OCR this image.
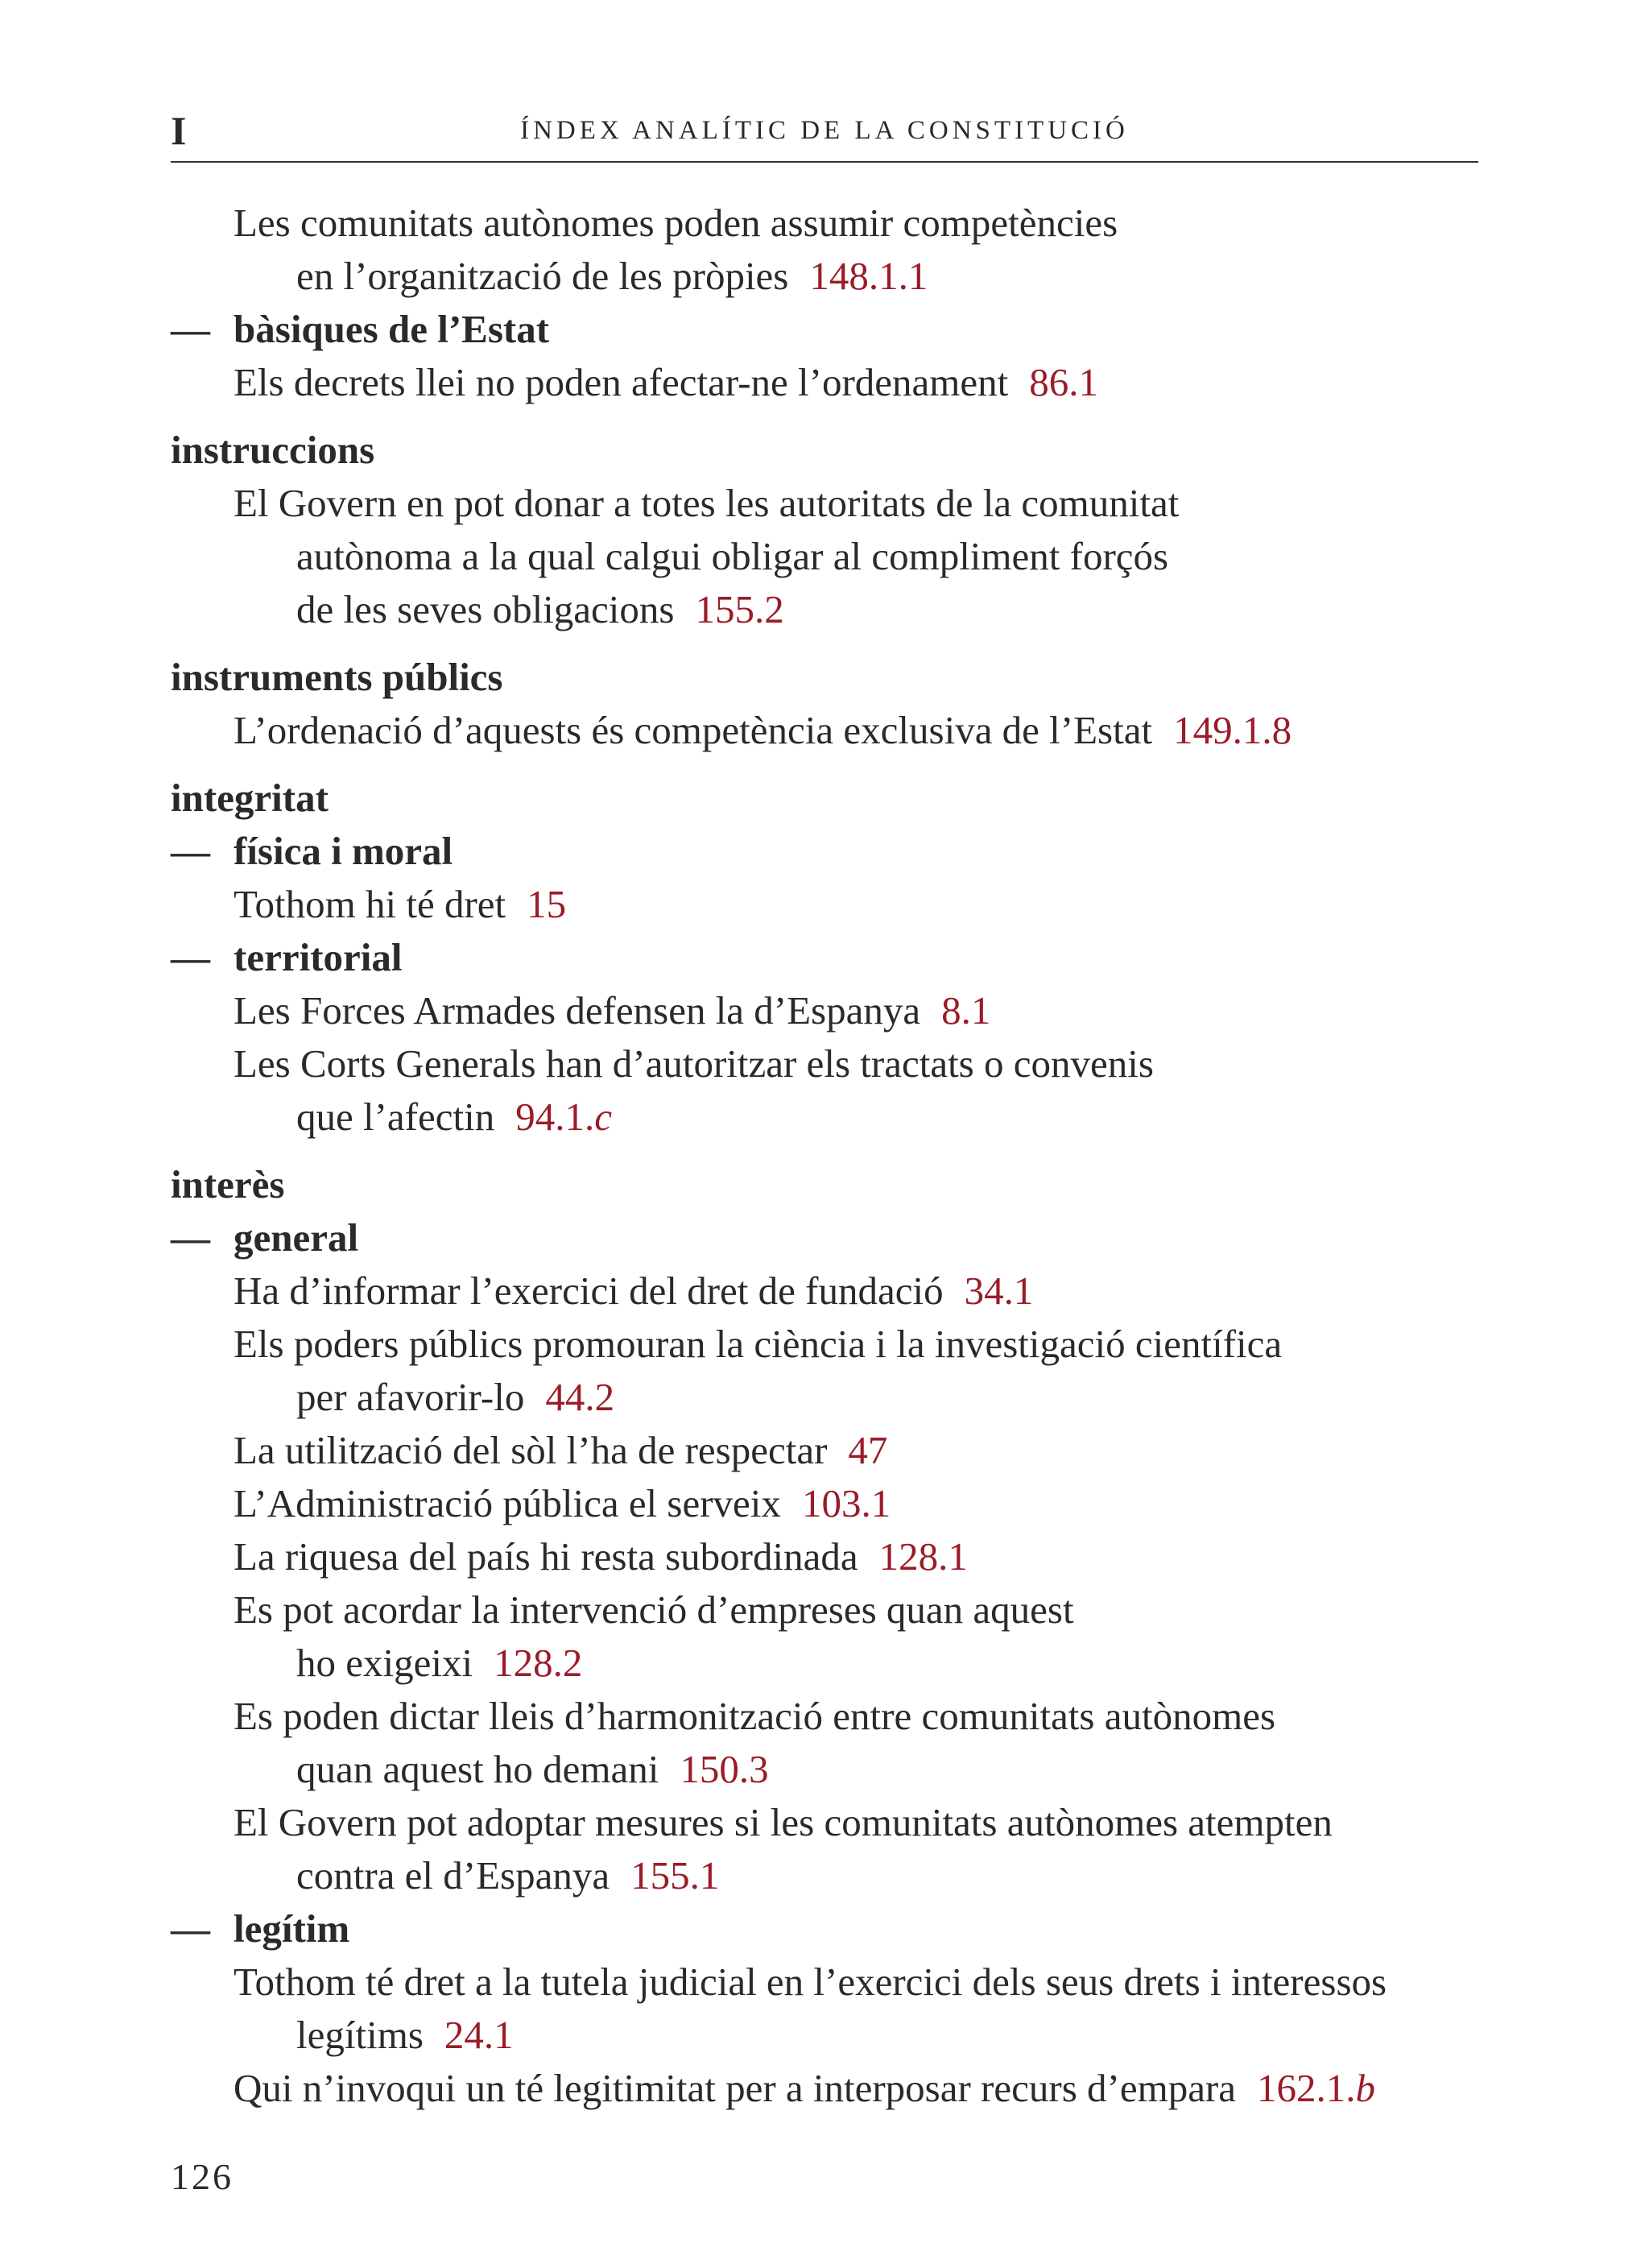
I	ÍNDEX ANALÍTIC DE LA CONSTITUCIÓ
Les comunitats autònomes poden assumir competències
en l’organització de les pròpies 148.1.1
— bàsiques de l’Estat
Els decrets llei no poden afectar-ne l’ordenament 86.1
instruccions
El Govern en pot donar a totes les autoritats de la comunitat
autònoma a la qual calgui obligar al compliment forçós
de les seves obligacions 155.2
instruments públics
L’ordenació d’aquests és competència exclusiva de l’Estat 149.1.8
integritat
— física i moral
Tothom hi té dret 15
— territorial
Les Forces Armades defensen la d’Espanya 8.1
Les Corts Generals han d’autoritzar els tractats o convenis
que l’afectin 94.1.c
interès
— general
Ha d’informar l’exercici del dret de fundació 34.1
Els poders públics promouran la ciència i la investigació científica
per afavorir-lo 44.2
La utilització del sòl l’ha de respectar 47
L’Administració pública el serveix 103.1
La riquesa del país hi resta subordinada 128.1
Es pot acordar la intervenció d’empreses quan aquest
ho exigeixi 128.2
Es poden dictar lleis d’harmonització entre comunitats autònomes
quan aquest ho demani 150.3
El Govern pot adoptar mesures si les comunitats autònomes atempten
contra el d’Espanya 155.1
— legítim
Tothom té dret a la tutela judicial en l’exercici dels seus drets i interessos
legítims 24.1
Qui n’invoqui un té legitimitat per a interposar recurs d’empara 162.1.b
126
